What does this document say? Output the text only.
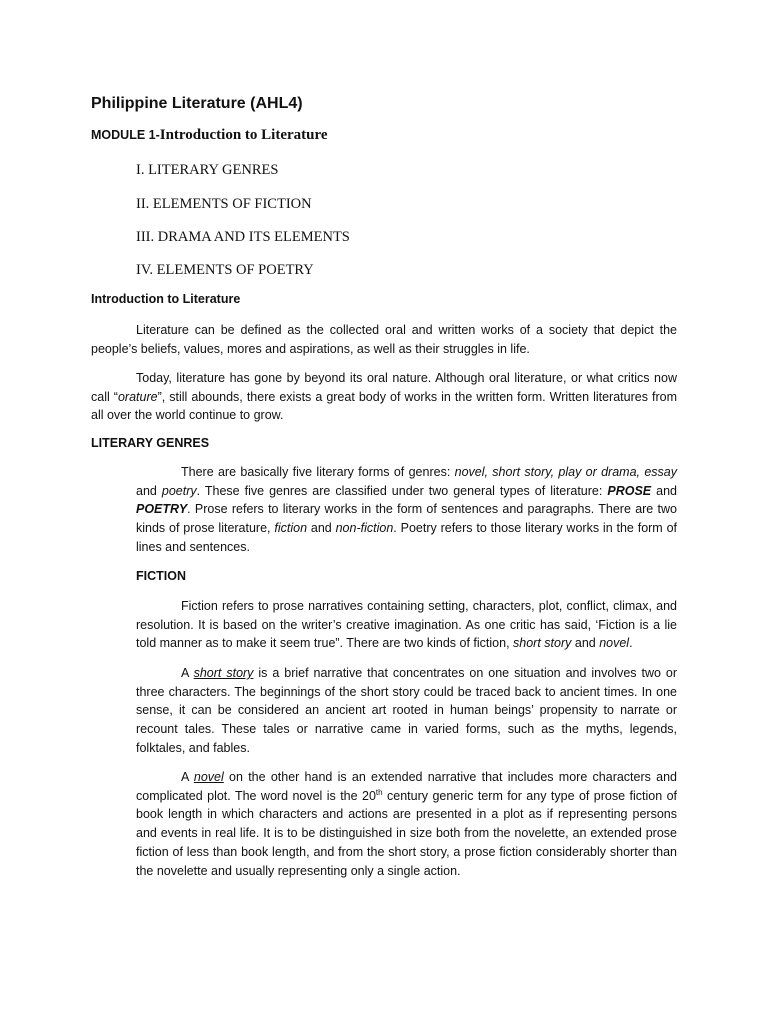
Philippine Literature (AHL4)

MODULE 1-Introduction to Literature

I. LITERARY GENRES

II. ELEMENTS OF FICTION

III. DRAMA AND ITS ELEMENTS

IV. ELEMENTS OF POETRY

Introduction to Literature

Literature can be defined as the collected oral and written works of a society that depict the people’s beliefs, values, mores and aspirations, as well as their struggles in life.

Today, literature has gone by beyond its oral nature. Although oral literature, or what critics now call “orature”, still abounds, there exists a great body of works in the written form. Written literatures from all over the world continue to grow.

LITERARY GENRES

There are basically five literary forms of genres: novel, short story, play or drama, essay and poetry. These five genres are classified under two general types of literature: PROSE and POETRY. Prose refers to literary works in the form of sentences and paragraphs. There are two kinds of prose literature, fiction and non-fiction. Poetry refers to those literary works in the form of lines and sentences.

FICTION

Fiction refers to prose narratives containing setting, characters, plot, conflict, climax, and resolution. It is based on the writer’s creative imagination. As one critic has said, ‘Fiction is a lie told manner as to make it seem true”. There are two kinds of fiction, short story and novel.

A short story is a brief narrative that concentrates on one situation and involves two or three characters. The beginnings of the short story could be traced back to ancient times. In one sense, it can be considered an ancient art rooted in human beings’ propensity to narrate or recount tales. These tales or narrative came in varied forms, such as the myths, legends, folktales, and fables.

A novel on the other hand is an extended narrative that includes more characters and complicated plot. The word novel is the 20th century generic term for any type of prose fiction of book length in which characters and actions are presented in a plot as if representing persons and events in real life. It is to be distinguished in size both from the novelette, an extended prose fiction of less than book length, and from the short story, a prose fiction considerably shorter than the novelette and usually representing only a single action.
